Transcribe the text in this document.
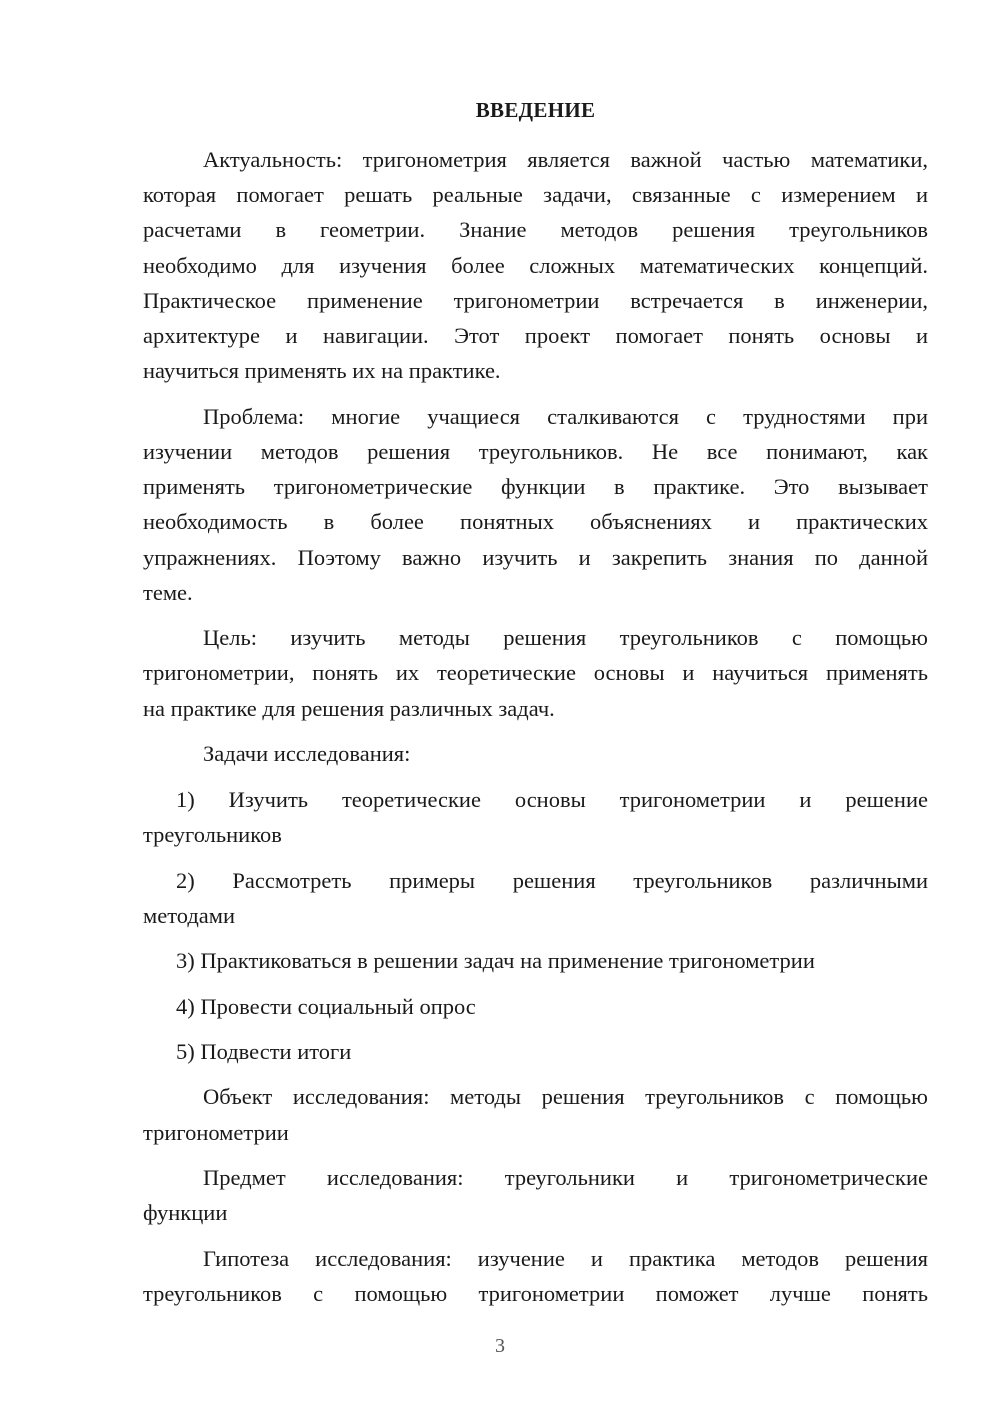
ВВЕДЕНИЕ
Актуальность: тригонометрия является важной частью математики,
которая помогает решать реальные задачи, связанные с измерением и
расчетами в геометрии. Знание методов решения треугольников
необходимо для изучения более сложных математических концепций.
Практическое применение тригонометрии встречается в инженерии,
архитектуре и навигации. Этот проект помогает понять основы и
научиться применять их на практике.
Проблема: многие учащиеся сталкиваются с трудностями при
изучении методов решения треугольников. Не все понимают, как
применять тригонометрические функции в практике. Это вызывает
необходимость в более понятных объяснениях и практических
упражнениях. Поэтому важно изучить и закрепить знания по данной
теме.
Цель: изучить методы решения треугольников с помощью
тригонометрии, понять их теоретические основы и научиться применять
на практике для решения различных задач.
Задачи исследования:
1) Изучить теоретические основы тригонометрии и решение
треугольников
2) Рассмотреть примеры решения треугольников различными
методами
3) Практиковаться в решении задач на применение тригонометрии
4) Провести социальный опрос
5) Подвести итоги
Объект исследования: методы решения треугольников с помощью
тригонометрии
Предмет исследования: треугольники и тригонометрические
функции
Гипотеза исследования: изучение и практика методов решения
треугольников с помощью тригонометрии поможет лучше понять
3
